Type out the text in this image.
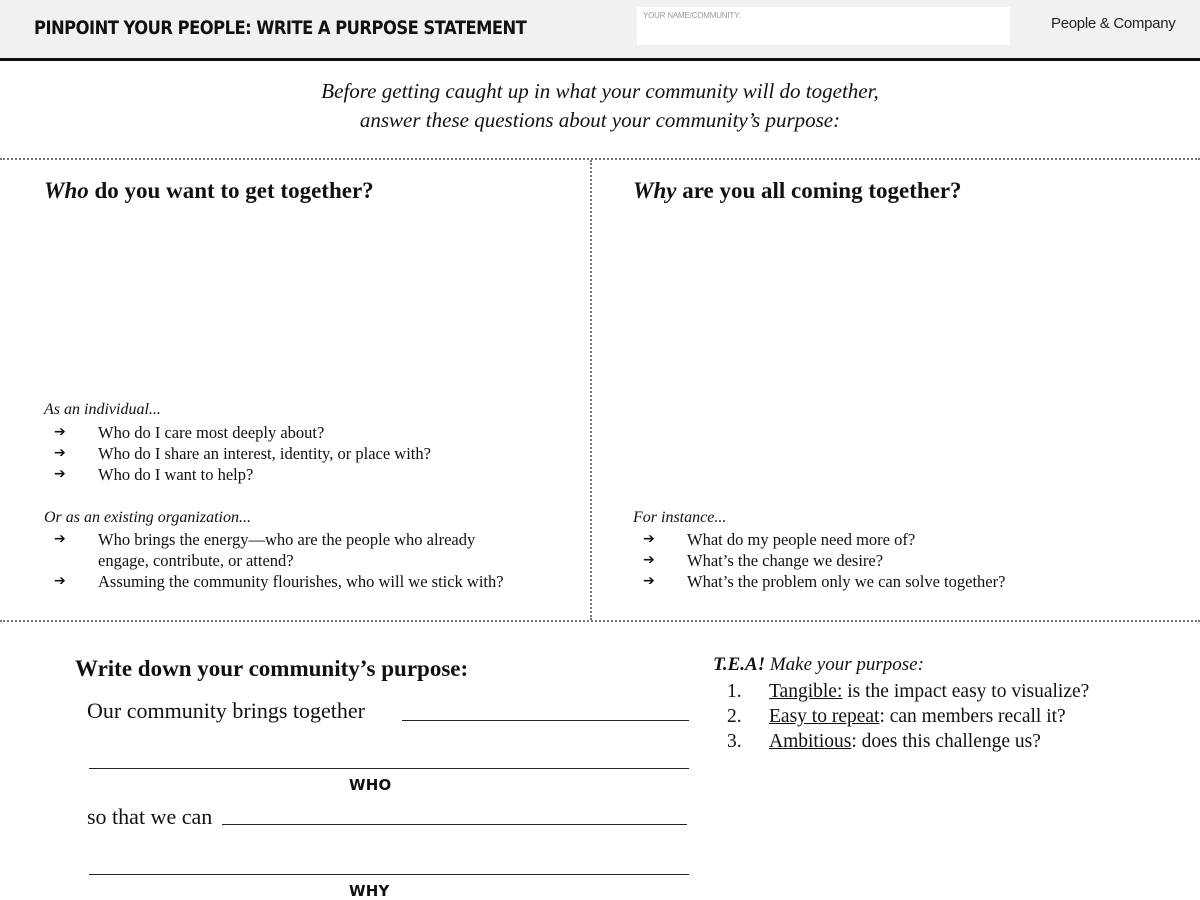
PINPOINT YOUR PEOPLE: WRITE A PURPOSE STATEMENT
YOUR NAME/COMMUNITY:	People & Company
Before getting caught up in what your community will do together,
answer these questions about your community’s purpose:
Who do you want to get together?
As an individual...
➔ Who do I care most deeply about?
➔ Who do I share an interest, identity, or place with?
➔ Who do I want to help?
Or as an existing organization...
➔ Who brings the energy—who are the people who already engage, contribute, or attend?
➔ Assuming the community flourishes, who will we stick with?
Why are you all coming together?
For instance...
➔ What do my people need more of?
➔ What’s the change we desire?
➔ What’s the problem only we can solve together?
Write down your community’s purpose:
Our community brings together
WHO
so that we can
WHY
T.E.A! Make your purpose:
1. Tangible: is the impact easy to visualize?
2. Easy to repeat: can members recall it?
3. Ambitious: does this challenge us?
